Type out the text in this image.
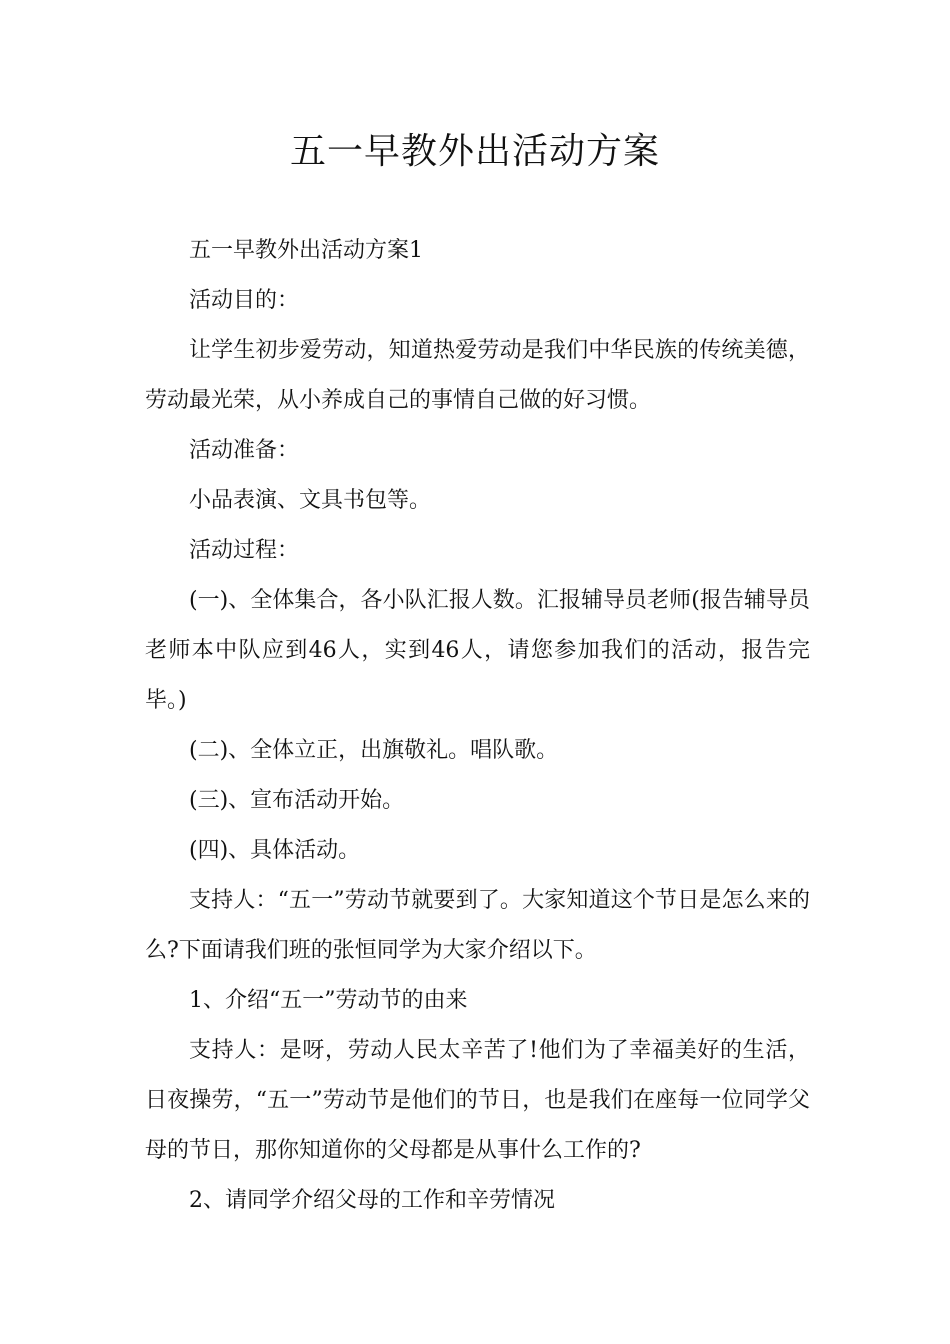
五一早教外出活动方案

五一早教外出活动方案1

活动目的：

让学生初步爱劳动，知道热爱劳动是我们中华民族的传统美德，劳动最光荣，从小养成自己的事情自己做的好习惯。

活动准备：

小品表演、文具书包等。

活动过程：

(一)、全体集合，各小队汇报人数。汇报辅导员老师(报告辅导员老师本中队应到46人，实到46人，请您参加我们的活动，报告完毕。)

(二)、全体立正，出旗敬礼。唱队歌。

(三)、宣布活动开始。

(四)、具体活动。

支持人：“五一”劳动节就要到了。大家知道这个节日是怎么来的么?下面请我们班的张恒同学为大家介绍以下。

1、介绍“五一”劳动节的由来

支持人：是呀，劳动人民太辛苦了!他们为了幸福美好的生活，日夜操劳，“五一”劳动节是他们的节日，也是我们在座每一位同学父母的节日，那你知道你的父母都是从事什么工作的?

2、请同学介绍父母的工作和辛劳情况
